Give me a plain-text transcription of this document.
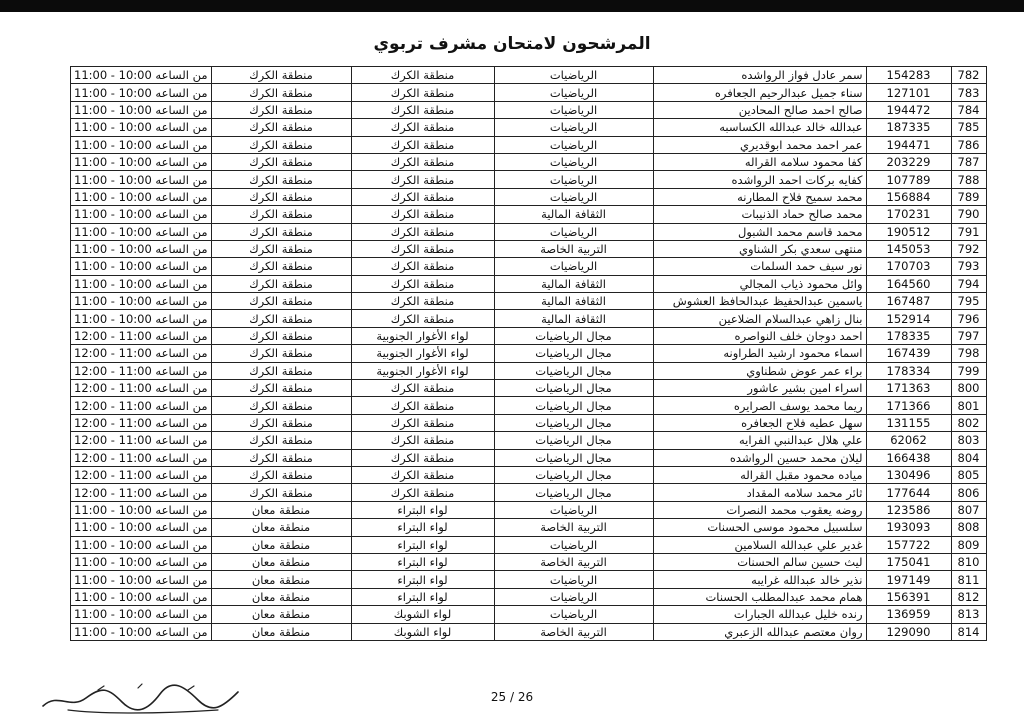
المرشحون لامتحان مشرف تربوي
782	154283	سمر عادل فواز الرواشده	الرياضيات	منطقة الكرك	منطقة الكرك	من الساعه 10:00 - 11:00
783	127101	سناء جميل عبدالرحيم الجعافره	الرياضيات	منطقة الكرك	منطقة الكرك	من الساعه 10:00 - 11:00
784	194472	صالح احمد صالح المحادين	الرياضيات	منطقة الكرك	منطقة الكرك	من الساعه 10:00 - 11:00
785	187335	عبدالله خالد عبدالله الكساسبه	الرياضيات	منطقة الكرك	منطقة الكرك	من الساعه 10:00 - 11:00
786	194471	عمر احمد محمد ابوقديري	الرياضيات	منطقة الكرك	منطقة الكرك	من الساعه 10:00 - 11:00
787	203229	كفا محمود سلامه القراله	الرياضيات	منطقة الكرك	منطقة الكرك	من الساعه 10:00 - 11:00
788	107789	كفايه بركات احمد الرواشده	الرياضيات	منطقة الكرك	منطقة الكرك	من الساعه 10:00 - 11:00
789	156884	محمد سميح فلاح المطارنه	الرياضيات	منطقة الكرك	منطقة الكرك	من الساعه 10:00 - 11:00
790	170231	محمد صالح حماد الذنيبات	الثقافة المالية	منطقة الكرك	منطقة الكرك	من الساعه 10:00 - 11:00
791	190512	محمد قاسم محمد الشبول	الرياضيات	منطقة الكرك	منطقة الكرك	من الساعه 10:00 - 11:00
792	145053	منتهى سعدي بكر الشناوي	التربية الخاصة	منطقة الكرك	منطقة الكرك	من الساعه 10:00 - 11:00
793	170703	نور سيف حمد السلمات	الرياضيات	منطقة الكرك	منطقة الكرك	من الساعه 10:00 - 11:00
794	164560	وائل محمود ذياب المجالي	الثقافة المالية	منطقة الكرك	منطقة الكرك	من الساعه 10:00 - 11:00
795	167487	ياسمين عبدالحفيظ عبدالحافظ العشوش	الثقافة المالية	منطقة الكرك	منطقة الكرك	من الساعه 10:00 - 11:00
796	152914	بنال زاهي عبدالسلام الضلاعين	الثقافة المالية	منطقة الكرك	منطقة الكرك	من الساعه 10:00 - 11:00
797	178335	احمد دوجان خلف النواصره	مجال الرياضيات	لواء الأغوار الجنوبية	منطقة الكرك	من الساعه 11:00 - 12:00
798	167439	اسماء محمود ارشيد الطراونه	مجال الرياضيات	لواء الأغوار الجنوبية	منطقة الكرك	من الساعه 11:00 - 12:00
799	178334	براء عمر عوض شطناوي	مجال الرياضيات	لواء الأغوار الجنوبية	منطقة الكرك	من الساعه 11:00 - 12:00
800	171363	اسراء امين بشير عاشور	مجال الرياضيات	منطقة الكرك	منطقة الكرك	من الساعه 11:00 - 12:00
801	171366	ريما محمد يوسف الصرايره	مجال الرياضيات	منطقة الكرك	منطقة الكرك	من الساعه 11:00 - 12:00
802	131155	سهل عطيه فلاح الجعافره	مجال الرياضيات	منطقة الكرك	منطقة الكرك	من الساعه 11:00 - 12:00
803	62062	علي هلال عبدالنبي الفرايه	مجال الرياضيات	منطقة الكرك	منطقة الكرك	من الساعه 11:00 - 12:00
804	166438	ليلان محمد حسين الرواشده	مجال الرياضيات	منطقة الكرك	منطقة الكرك	من الساعه 11:00 - 12:00
805	130496	مياده محمود مقبل القراله	مجال الرياضيات	منطقة الكرك	منطقة الكرك	من الساعه 11:00 - 12:00
806	177644	ثائر محمد سلامه المقداد	مجال الرياضيات	منطقة الكرك	منطقة الكرك	من الساعه 11:00 - 12:00
807	123586	روضه يعقوب محمد النصرات	الرياضيات	لواء البتراء	منطقة معان	من الساعه 10:00 - 11:00
808	193093	سلسبيل محمود موسى الحسنات	التربية الخاصة	لواء البتراء	منطقة معان	من الساعه 10:00 - 11:00
809	157722	غدير علي عبدالله السلامين	الرياضيات	لواء البتراء	منطقة معان	من الساعه 10:00 - 11:00
810	175041	ليث حسين سالم الحسنات	التربية الخاصة	لواء البتراء	منطقة معان	من الساعه 10:00 - 11:00
811	197149	نذير خالد عبدالله غرايبه	الرياضيات	لواء البتراء	منطقة معان	من الساعه 10:00 - 11:00
812	156391	همام محمد عبدالمطلب الحسنات	الرياضيات	لواء البتراء	منطقة معان	من الساعه 10:00 - 11:00
813	136959	رنده خليل عبدالله الجبارات	الرياضيات	لواء الشوبك	منطقة معان	من الساعه 10:00 - 11:00
814	129090	روان معتصم عبدالله الزعبري	التربية الخاصة	لواء الشوبك	منطقة معان	من الساعه 10:00 - 11:00
25 / 26
